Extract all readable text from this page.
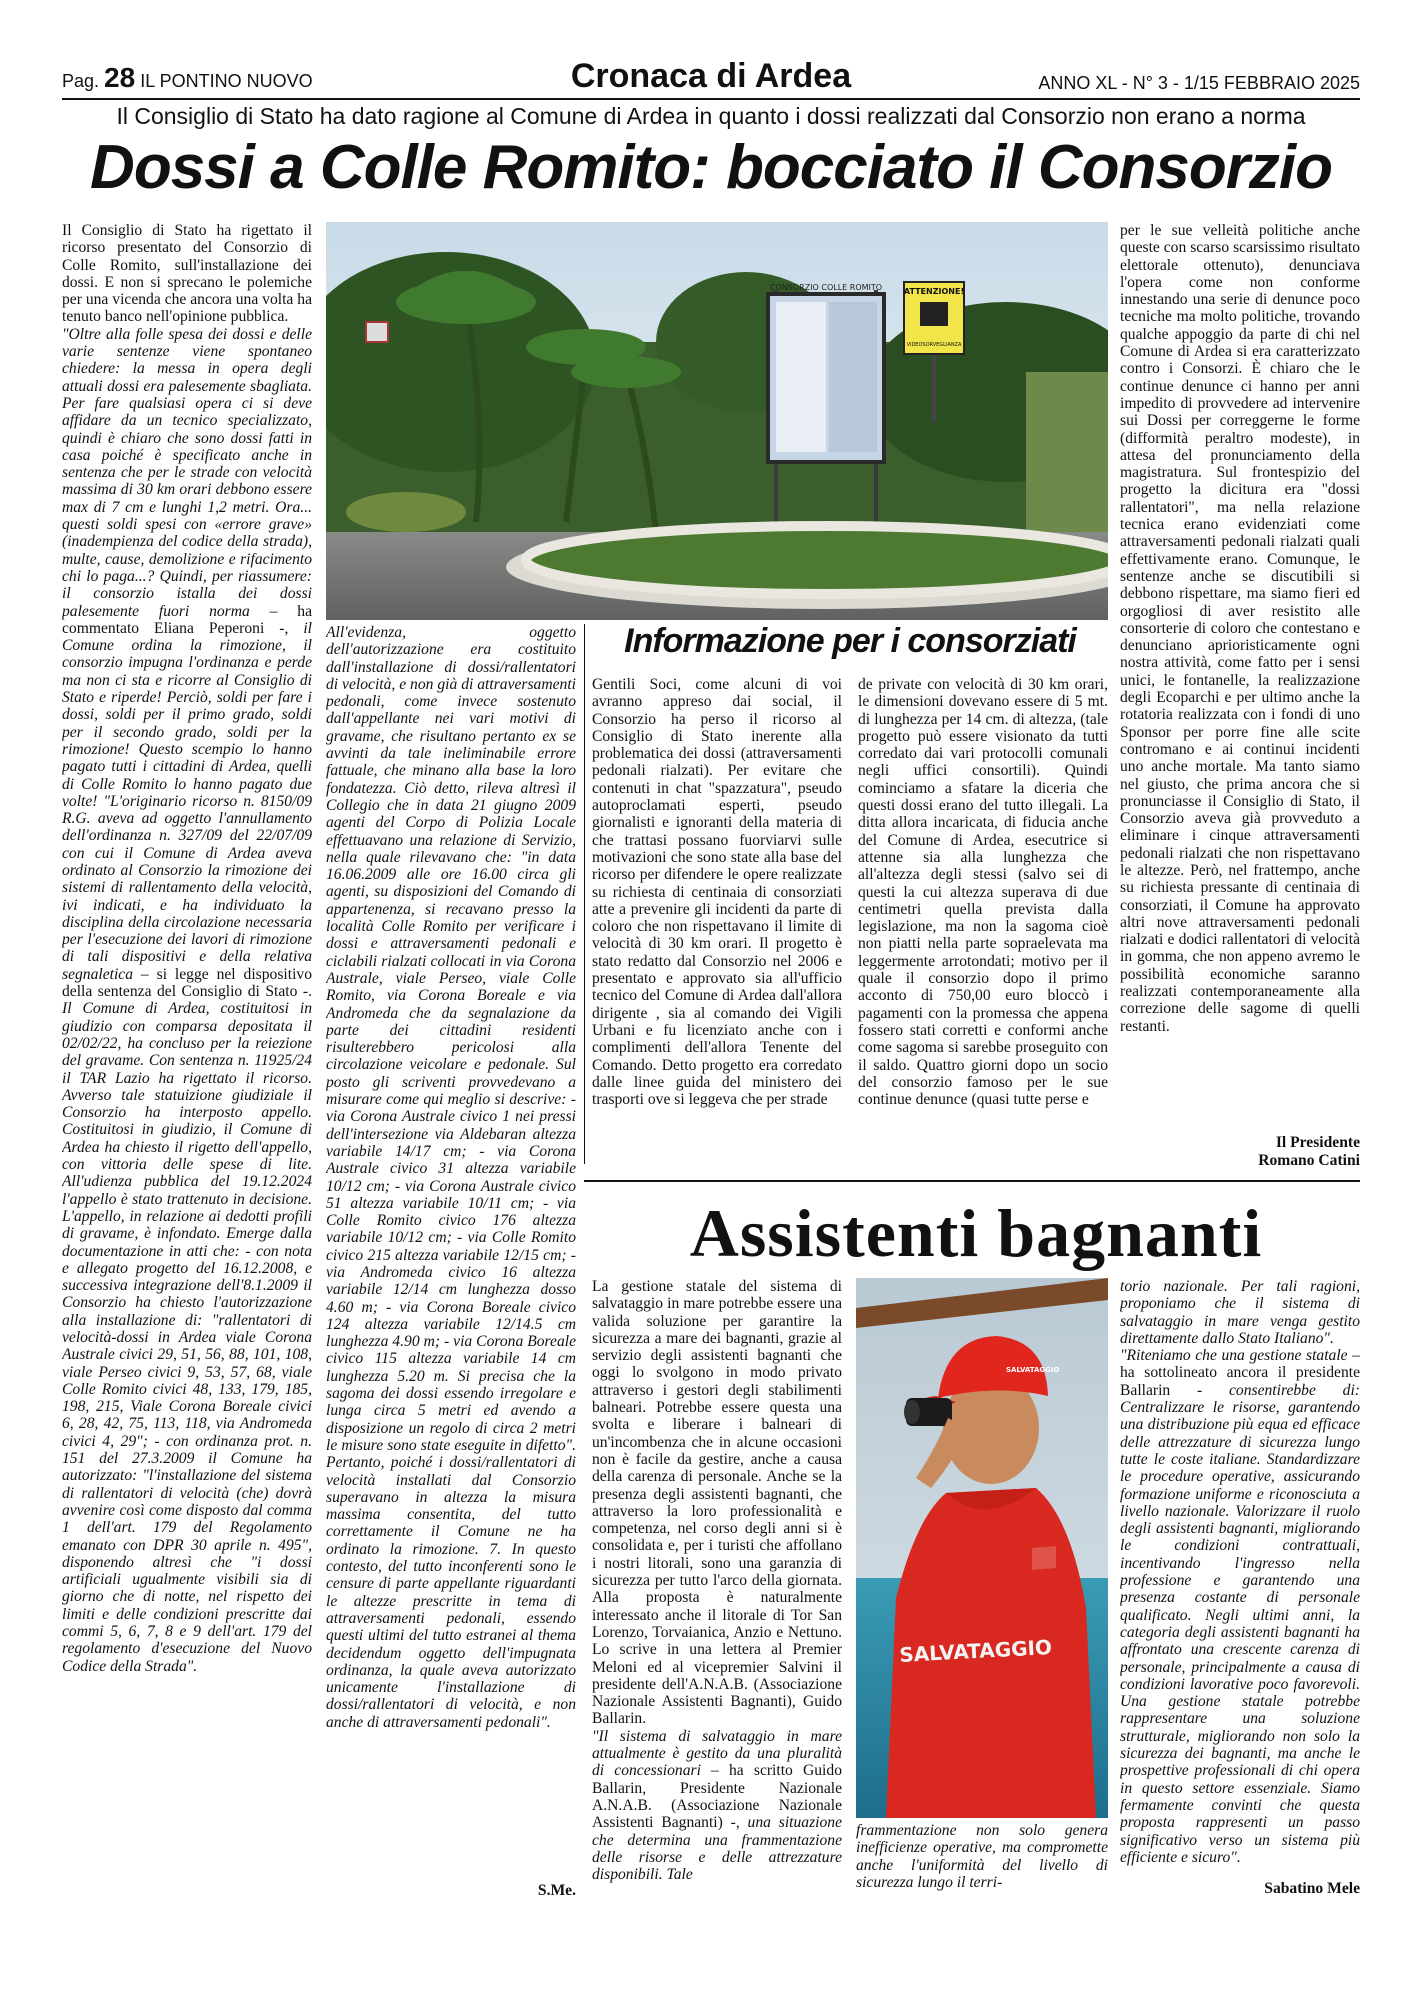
Pag. 28 IL PONTINO NUOVO	Cronaca di Ardea	ANNO XL - N° 3 - 1/15 FEBBRAIO 2025
Il Consiglio di Stato ha dato ragione al Comune di Ardea in quanto i dossi realizzati dal Consorzio non erano a norma
Dossi a Colle Romito: bocciato il Consorzio

Il Consiglio di Stato ha rigettato il ricorso presentato del Consorzio di Colle Romito, sull'installazione dei dossi. E non si sprecano le polemiche per una vicenda che ancora una volta ha tenuto banco nell'opinione pubblica.

"Oltre alla folle spesa dei dossi e delle varie sentenze viene spontaneo chiedere: la messa in opera degli attuali dossi era palesemente sbagliata. Per fare qualsiasi opera ci si deve affidare da un tecnico specializzato, quindi è chiaro che sono dossi fatti in casa poiché è specificato anche in sentenza che per le strade con velocità massima di 30 km orari debbono essere max di 7 cm e lunghi 1,2 metri. Ora... questi soldi spesi con «errore grave» (inadempienza del codice della strada), multe, cause, demolizione e rifacimento chi lo paga...? Quindi, per riassumere: il consorzio istalla dei dossi palesemente fuori norma – ha commentato Eliana Peperoni -, il Comune ordina la rimozione, il consorzio impugna l'ordinanza e perde ma non ci sta e ricorre al Consiglio di Stato e riperde! Perciò, soldi per fare i dossi, soldi per il primo grado, soldi per il secondo grado, soldi per la rimozione! Questo scempio lo hanno pagato tutti i cittadini di Ardea, quelli di Colle Romito lo hanno pagato due volte! "L'originario ricorso n. 8150/09 R.G. aveva ad oggetto l'annullamento dell'ordinanza n. 327/09 del 22/07/09 con cui il Comune di Ardea aveva ordinato al Consorzio la rimozione dei sistemi di rallentamento della velocità, ivi indicati, e ha individuato la disciplina della circolazione necessaria per l'esecuzione dei lavori di rimozione di tali dispositivi e della relativa segnaletica – si legge nel dispositivo della sentenza del Consiglio di Stato -. Il Comune di Ardea, costituitosi in giudizio con comparsa depositata il 02/02/22, ha concluso per la reiezione del gravame. Con sentenza n. 11925/24 il TAR Lazio ha rigettato il ricorso. Avverso tale statuizione giudiziale il Consorzio ha interposto appello. Costituitosi in giudizio, il Comune di Ardea ha chiesto il rigetto dell'appello, con vittoria delle spese di lite. All'udienza pubblica del 19.12.2024 l'appello è stato trattenuto in decisione. L'appello, in relazione ai dedotti profili di gravame, è infondato. Emerge dalla documentazione in atti che: - con nota e allegato progetto del 16.12.2008, e successiva integrazione dell'8.1.2009 il Consorzio ha chiesto l'autorizzazione alla installazione di: "rallentatori di velocità-dossi in Ardea viale Corona Australe civici 29, 51, 56, 88, 101, 108, viale Perseo civici 9, 53, 57, 68, viale Colle Romito civici 48, 133, 179, 185, 198, 215, Viale Corona Boreale civici 6, 28, 42, 75, 113, 118, via Andromeda civici 4, 29"; - con ordinanza prot. n. 151 del 27.3.2009 il Comune ha autorizzato: "l'installazione del sistema di rallentatori di velocità (che) dovrà avvenire così come disposto dal comma 1 dell'art. 179 del Regolamento emanato con DPR 30 aprile n. 495", disponendo altresì che "i dossi artificiali ugualmente visibili sia di giorno che di notte, nel rispetto dei limiti e delle condizioni prescritte dai commi 5, 6, 7, 8 e 9 dell'art. 179 del regolamento d'esecuzione del Nuovo Codice della Strada".

CONSORZIO COLLE ROMITO	ATTENZIONE!
VIDEOSORVEGLIANZA

All'evidenza, oggetto dell'autorizzazione era costituito dall'installazione di dossi/rallentatori di velocità, e non già di attraversamenti pedonali, come invece sostenuto dall'appellante nei vari motivi di gravame, che risultano pertanto ex se avvinti da tale ineliminabile errore fattuale, che minano alla base la loro fondatezza. Ciò detto, rileva altresì il Collegio che in data 21 giugno 2009 agenti del Corpo di Polizia Locale effettuavano una relazione di Servizio, nella quale rilevavano che: "in data 16.06.2009 alle ore 16.00 circa gli agenti, su disposizioni del Comando di appartenenza, si recavano presso la località Colle Romito per verificare i dossi e attraversamenti pedonali e ciclabili rialzati collocati in via Corona Australe, viale Perseo, viale Colle Romito, via Corona Boreale e via Andromeda che da segnalazione da parte dei cittadini residenti risulterebbero pericolosi alla circolazione veicolare e pedonale. Sul posto gli scriventi provvedevano a misurare come qui meglio si descrive: - via Corona Australe civico 1 nei pressi dell'intersezione via Aldebaran altezza variabile 14/17 cm; - via Corona Australe civico 31 altezza variabile 10/12 cm; - via Corona Australe civico 51 altezza variabile 10/11 cm; - via Colle Romito civico 176 altezza variabile 10/12 cm; - via Colle Romito civico 215 altezza variabile 12/15 cm; - via Andromeda civico 16 altezza variabile 12/14 cm lunghezza dosso 4.60 m; - via Corona Boreale civico 124 altezza variabile 12/14.5 cm lunghezza 4.90 m; - via Corona Boreale civico 115 altezza variabile 14 cm lunghezza 5.20 m. Si precisa che la sagoma dei dossi essendo irregolare e lunga circa 5 metri ed avendo a disposizione un regolo di circa 2 metri le misure sono state eseguite in difetto". Pertanto, poiché i dossi/rallentatori di velocità installati dal Consorzio superavano in altezza la misura massima consentita, del tutto correttamente il Comune ne ha ordinato la rimozione. 7. In questo contesto, del tutto inconferenti sono le censure di parte appellante riguardanti le altezze prescritte in tema di attraversamenti pedonali, essendo questi ultimi del tutto estranei al thema decidendum oggetto dell'impugnata ordinanza, la quale aveva autorizzato unicamente l'installazione di dossi/rallentatori di velocità, e non anche di attraversamenti pedonali".

S.Me.
Informazione per i consorziati

Gentili Soci, come alcuni di voi avranno appreso dai social, il Consorzio ha perso il ricorso al Consiglio di Stato inerente alla problematica dei dossi (attraversamenti pedonali rialzati). Per evitare che contenuti in chat "spazzatura", pseudo autoproclamati esperti, pseudo giornalisti e ignoranti della materia di che trattasi possano fuorviarvi sulle motivazioni che sono state alla base del ricorso per difendere le opere realizzate su richiesta di centinaia di consorziati atte a prevenire gli incidenti da parte di coloro che non rispettavano il limite di velocità di 30 km orari. Il progetto è stato redatto dal Consorzio nel 2006 e presentato e approvato sia all'ufficio tecnico del Comune di Ardea dall'allora dirigente , sia al comando dei Vigili Urbani e fu licenziato anche con i complimenti dell'allora Tenente del Comando. Detto progetto era corredato dalle linee guida del ministero dei trasporti ove si leggeva che per strade

de private con velocità di 30 km orari, le dimensioni dovevano essere di 5 mt. di lunghezza per 14 cm. di altezza, (tale progetto può essere visionato da tutti corredato dai vari protocolli comunali negli uffici consortili). Quindi cominciamo a sfatare la diceria che questi dossi erano del tutto illegali. La ditta allora incaricata, di fiducia anche del Comune di Ardea, esecutrice si attenne sia alla lunghezza che all'altezza degli stessi (salvo sei di questi la cui altezza superava di due centimetri quella prevista dalla legislazione, ma non la sagoma cioè non piatti nella parte sopraelevata ma leggermente arrotondati; motivo per il quale il consorzio dopo il primo acconto di 750,00 euro bloccò i pagamenti con la promessa che appena fossero stati corretti e conformi anche come sagoma si sarebbe proseguito con il saldo. Quattro giorni dopo un socio del consorzio famoso per le sue continue denunce (quasi tutte perse e

per le sue velleità politiche anche queste con scarso scarsissimo risultato elettorale ottenuto), denunciava l'opera come non conforme innestando una serie di denunce poco tecniche ma molto politiche, trovando qualche appoggio da parte di chi nel Comune di Ardea si era caratterizzato contro i Consorzi. È chiaro che le continue denunce ci hanno per anni impedito di provvedere ad intervenire sui Dossi per correggerne le forme (difformità peraltro modeste), in attesa del pronunciamento della magistratura. Sul frontespizio del progetto la dicitura era "dossi rallentatori", ma nella relazione tecnica erano evidenziati come attraversamenti pedonali rialzati quali effettivamente erano. Comunque, le sentenze anche se discutibili si debbono rispettare, ma siamo fieri ed orgogliosi di aver resistito alle consorterie di coloro che contestano e denunciano aprioristicamente ogni nostra attività, come fatto per i sensi unici, le fontanelle, la realizzazione degli Ecoparchi e per ultimo anche la rotatoria realizzata con i fondi di uno Sponsor per porre fine alle scite contromano e ai continui incidenti uno anche mortale. Ma tanto siamo nel giusto, che prima ancora che si pronunciasse il Consiglio di Stato, il Consorzio aveva già provveduto a eliminare i cinque attraversamenti pedonali rialzati che non rispettavano le altezze. Però, nel frattempo, anche su richiesta pressante di centinaia di consorziati, il Comune ha approvato altri nove attraversamenti pedonali rialzati e dodici rallentatori di velocità in gomma, che non appeno avremo le possibilità economiche saranno realizzati contemporaneamente alla correzione delle sagome di quelli restanti.

Il Presidente
Romano Catini
Assistenti bagnanti

La gestione statale del sistema di salvataggio in mare potrebbe essere una valida soluzione per garantire la sicurezza a mare dei bagnanti, grazie al servizio degli assistenti bagnanti che oggi lo svolgono in modo privato attraverso i gestori degli stabilimenti balneari. Potrebbe essere questa una svolta e liberare i balneari di un'incombenza che in alcune occasioni non è facile da gestire, anche a causa della carenza di personale. Anche se la presenza degli assistenti bagnanti, che attraverso la loro professionalità e competenza, nel corso degli anni si è consolidata e, per i turisti che affollano i nostri litorali, sono una garanzia di sicurezza per tutto l'arco della giornata. Alla proposta è naturalmente interessato anche il litorale di Tor San Lorenzo, Torvaianica, Anzio e Nettuno. Lo scrive in una lettera al Premier Meloni ed al vicepremier Salvini il presidente dell'A.N.A.B. (Associazione Nazionale Assistenti Bagnanti), Guido Ballarin.

"Il sistema di salvataggio in mare attualmente è gestito da una pluralità di concessionari – ha scritto Guido Ballarin, Presidente Nazionale A.N.A.B. (Associazione Nazionale Assistenti Bagnanti) -, una situazione che determina una frammentazione delle risorse e delle attrezzature disponibili. Tale

SALVATAGGIO
SALVATAGGIO

frammentazione non solo genera inefficienze operative, ma compromette anche l'uniformità del livello di sicurezza lungo il terri-

torio nazionale. Per tali ragioni, proponiamo che il sistema di salvataggio in mare venga gestito direttamente dallo Stato Italiano".

"Riteniamo che una gestione statale – ha sottolineato ancora il presidente Ballarin - consentirebbe di: Centralizzare le risorse, garantendo una distribuzione più equa ed efficace delle attrezzature di sicurezza lungo tutte le coste italiane. Standardizzare le procedure operative, assicurando formazione uniforme e riconosciuta a livello nazionale. Valorizzare il ruolo degli assistenti bagnanti, migliorando le condizioni contrattuali, incentivando l'ingresso nella professione e garantendo una presenza costante di personale qualificato. Negli ultimi anni, la categoria degli assistenti bagnanti ha affrontato una crescente carenza di personale, principalmente a causa di condizioni lavorative poco favorevoli. Una gestione statale potrebbe rappresentare una soluzione strutturale, migliorando non solo la sicurezza dei bagnanti, ma anche le prospettive professionali di chi opera in questo settore essenziale. Siamo fermamente convinti che questa proposta rappresenti un passo significativo verso un sistema più efficiente e sicuro".

Sabatino Mele
